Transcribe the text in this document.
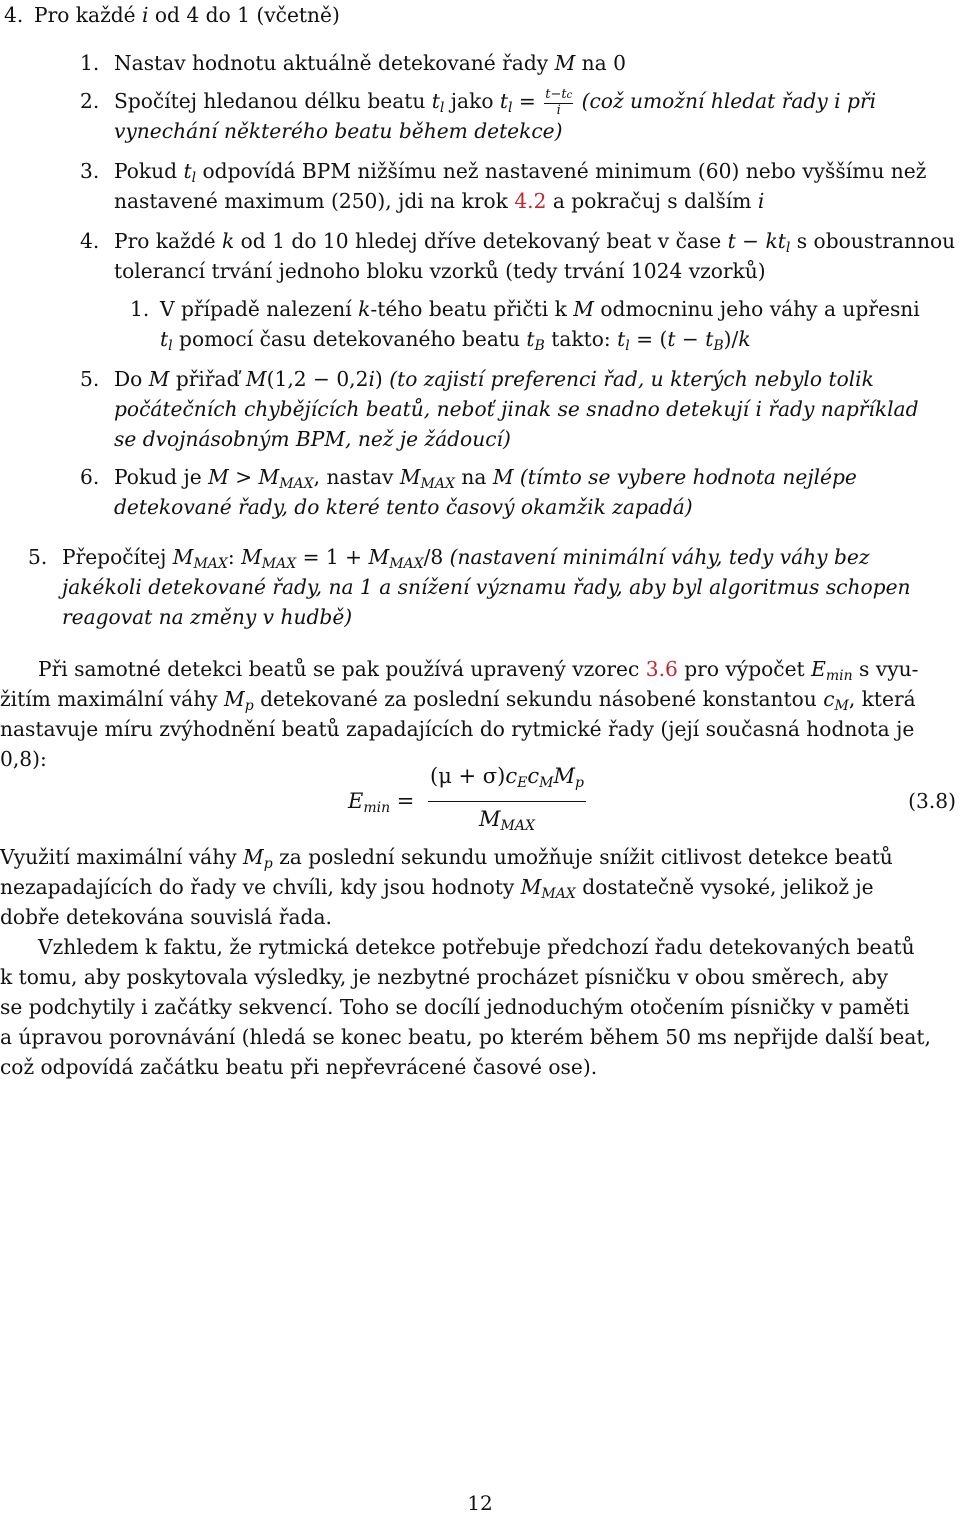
4. Pro každé i od 4 do 1 (včetně)
1. Nastav hodnotu aktuálně detekované řady M na 0
2. Spočítej hledanou délku beatu $t_l$ jako $t_l = \frac{t-tc}{i}$ (což umožní hledat řady i při
vynechání některého beatu během detekce)
3. Pokud $t_l$ odpovídá BPM nižšímu než nastavené minimum (60) nebo vyššímu než
nastavené maximum (250), jdi na krok 4.2 a pokračuj s dalším i
4. Pro každé k od 1 do 10 hledej dříve detekovaný beat v čase $t - kt_l$ s oboustrannou
tolerancí trvání jednoho bloku vzorků (tedy trvání 1024 vzorků)
1. V případě nalezení k-tého beatu přičti k M odmocninu jeho váhy a upřesni
$t_l$ pomocí času detekovaného beatu $t_B$ takto: $t_l = (t - t_B)/k$
5. Do M přiřaď M(1,2 − 0,2i) (to zajistí preferenci řad, u kterých nebylo tolik
počátečních chybějících beatů, neboť jinak se snadno detekují i řady například
se dvojnásobným BPM, než je žádoucí)
6. Pokud je $M > M_{MAX}$, nastav $M_{MAX}$ na M (tímto se vybere hodnota nejlépe
detekované řady, do které tento časový okamžik zapadá)
5. Přepočítej $M_{MAX}$: $M_{MAX} = 1 + M_{MAX}/8$ (nastavení minimální váhy, tedy váhy bez
jakékoli detekované řady, na 1 a snížení významu řady, aby byl algoritmus schopen
reagovat na změny v hudbě)
Při samotné detekci beatů se pak používá upravený vzorec 3.6 pro výpočet $E_{min}$ s vyu-
žitím maximální váhy $M_p$ detekované za poslední sekundu násobené konstantou $c_M$, která
nastavuje míru zvýhodnění beatů zapadajících do rytmické řady (její současná hodnota je
0,8):
$E_{min}$ =
$(\mu + \sigma)c_Ec_MM_p$
$M_{MAX}$
(3.8)
Využití maximální váhy $M_p$ za poslední sekundu umožňuje snížit citlivost detekce beatů
nezapadajících do řady ve chvíli, kdy jsou hodnoty $M_{MAX}$ dostatečně vysoké, jelikož je
dobře detekována souvislá řada.
Vzhledem k faktu, že rytmická detekce potřebuje předchozí řadu detekovaných beatů
k tomu, aby poskytovala výsledky, je nezbytné procházet písničku v obou směrech, aby
se podchytily i začátky sekvencí. Toho se docílí jednoduchým otočením písničky v paměti
a úpravou porovnávání (hledá se konec beatu, po kterém během 50 ms nepřijde další beat,
což odpovídá začátku beatu při nepřevrácené časové ose).
12
